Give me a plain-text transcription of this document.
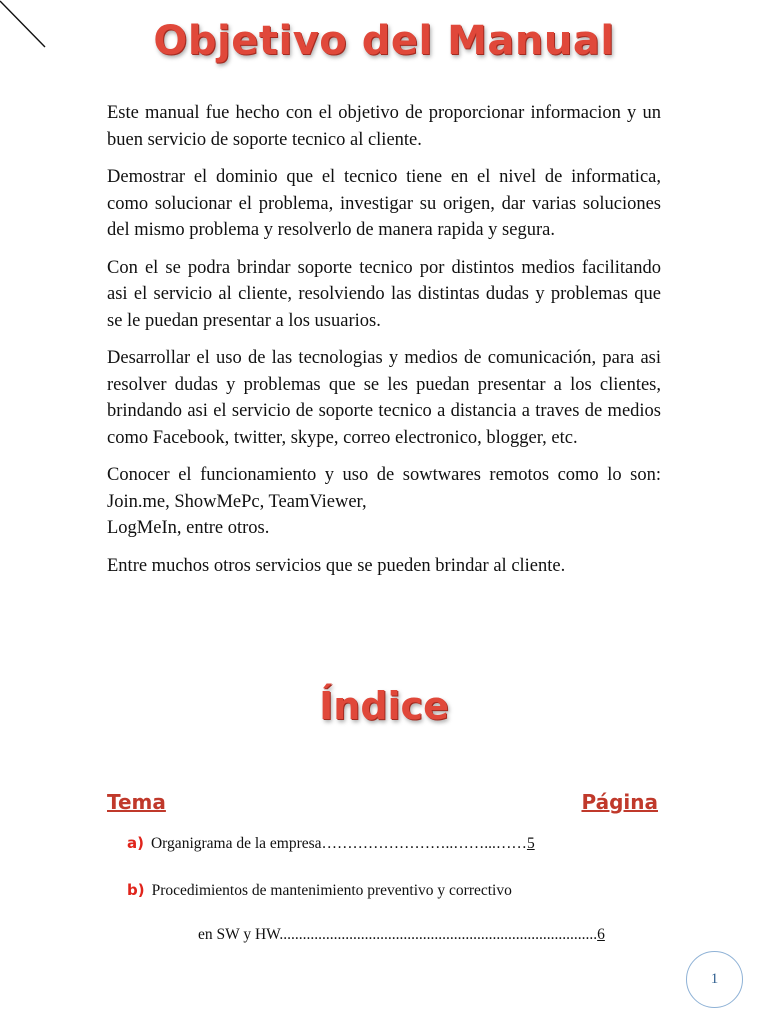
Objetivo del Manual

Este manual fue hecho con el objetivo de proporcionar informacion y un buen servicio de soporte tecnico al cliente.

Demostrar el dominio que el tecnico tiene en el nivel de informatica, como solucionar el problema, investigar su origen, dar varias soluciones del mismo problema y resolverlo de manera rapida y segura.

Con el se podra brindar soporte tecnico por distintos medios facilitando asi el servicio al cliente, resolviendo las distintas dudas y problemas que se le puedan presentar a los usuarios.

Desarrollar el uso de las tecnologias y medios de comunicación, para asi resolver dudas y problemas que se les puedan presentar a los clientes, brindando asi el servicio de soporte tecnico a distancia a traves de medios como Facebook, twitter, skype, correo electronico, blogger, etc.

Conocer el funcionamiento y uso de sowtwares remotos como lo son: Join.me, ShowMePc, TeamViewer,
LogMeIn, entre otros.

Entre muchos otros servicios que se pueden brindar al cliente.

Índice
Tema	Página
a) Organigrama de la empresa……………………..……...……5
b) Procedimientos de mantenimiento preventivo y correctivo
en SW y HW..................................................................................6
1
